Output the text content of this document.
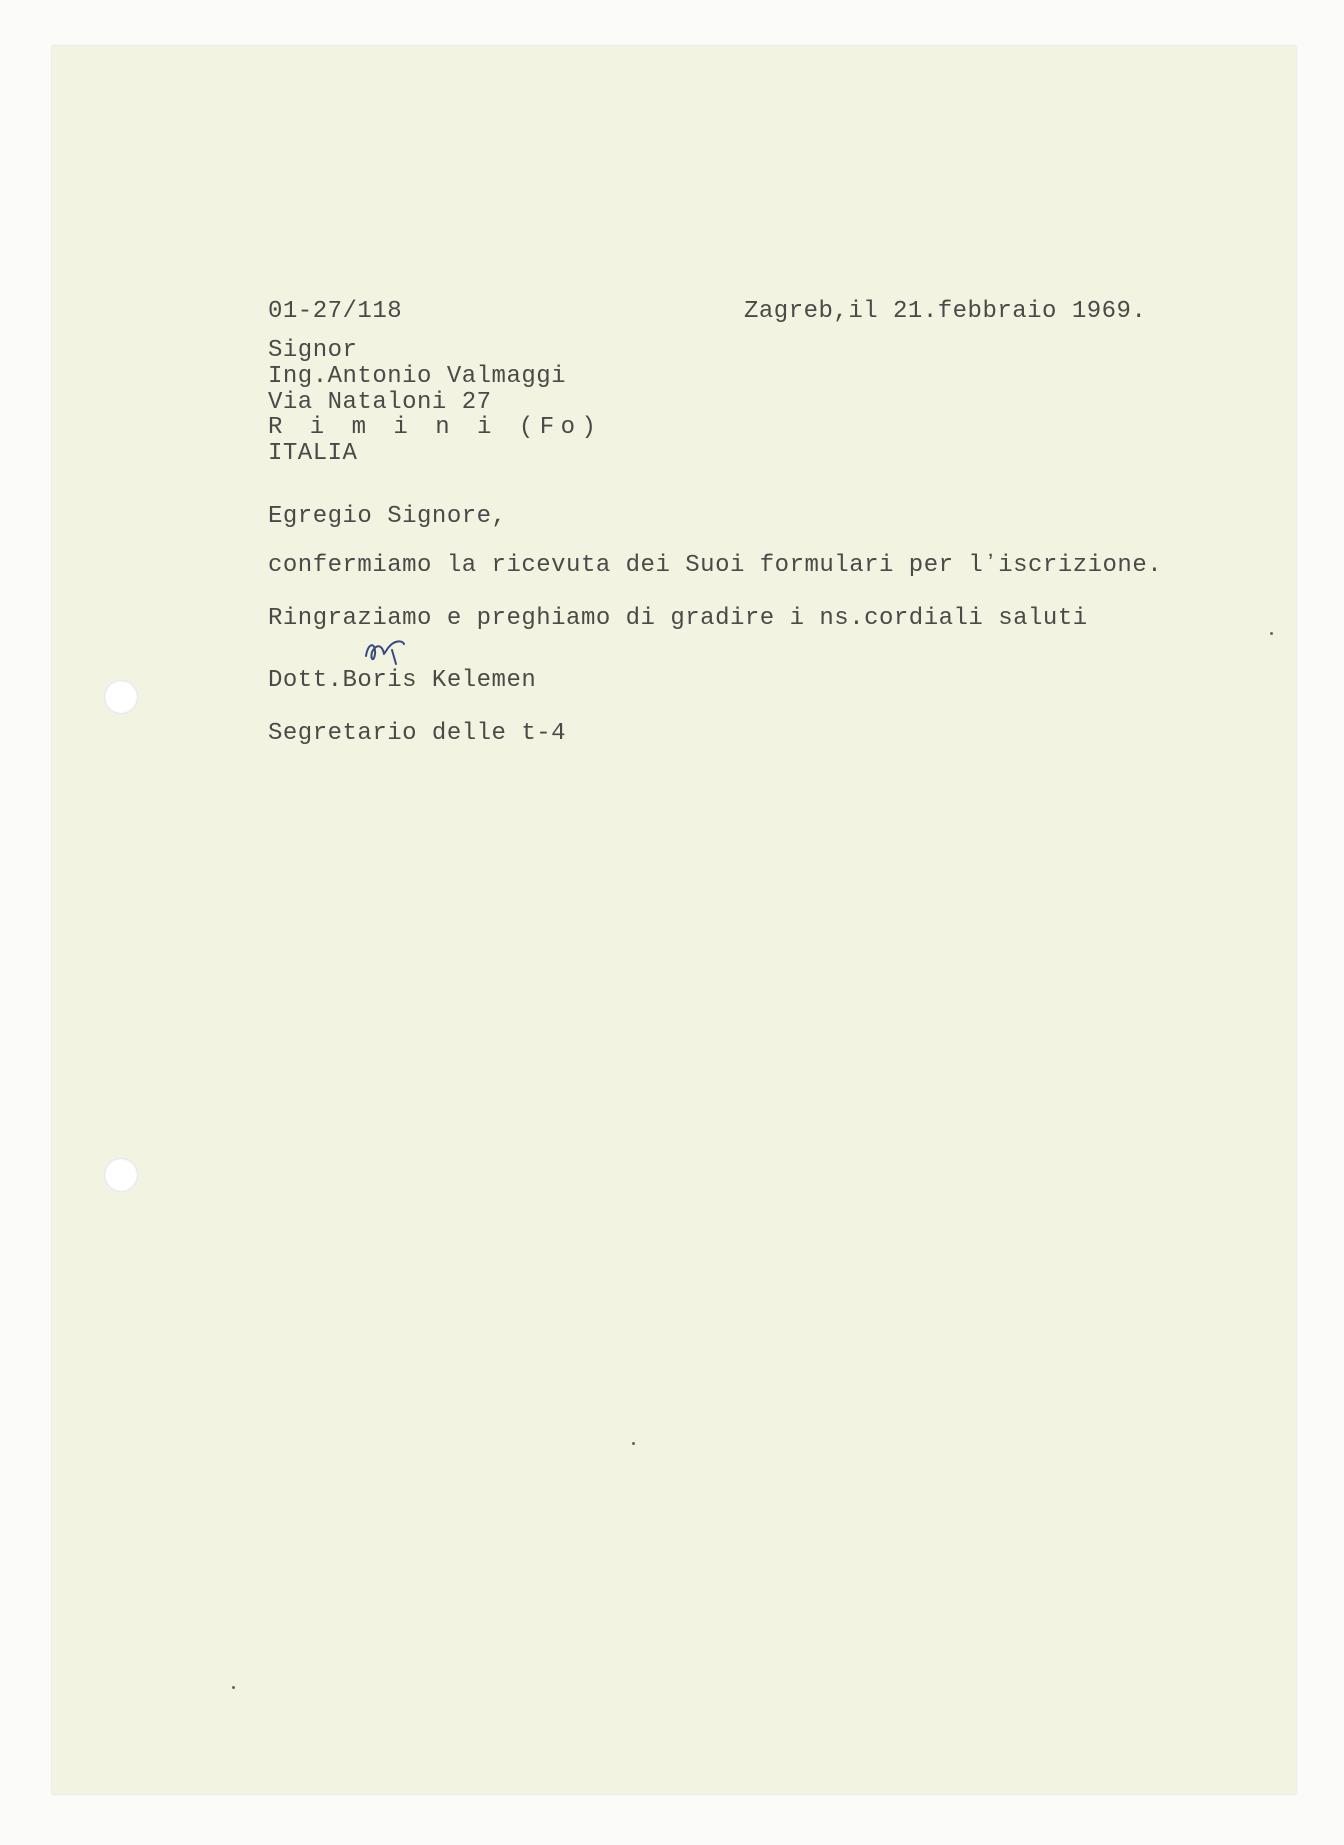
01-27/118	Zagreb,il 21.febbraio 1969.
Signor
Ing.Antonio Valmaggi
Via Nataloni 27
R i m i n i (Fo)
ITALIA
Egregio Signore,
confermiamo la ricevuta dei Suoi formulari per lʼiscrizione.
Ringraziamo e preghiamo di gradire i ns.cordiali saluti
Dott.Boris Kelemen
Segretario delle t-4
